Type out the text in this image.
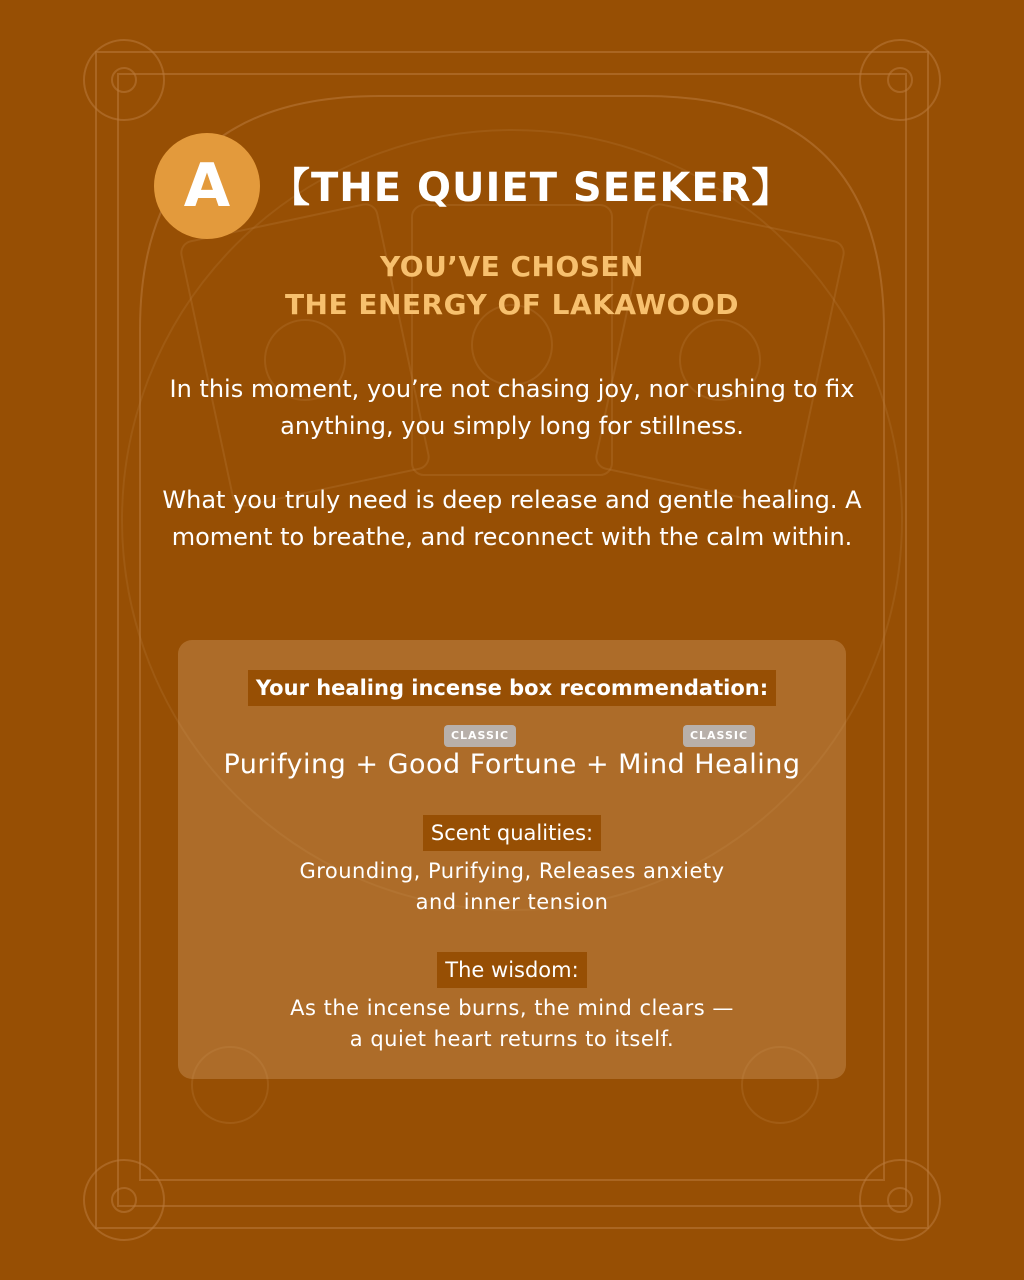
A 【THE QUIET SEEKER】
YOU’VE CHOSEN
THE ENERGY OF LAKAWOOD
In this moment, you’re not chasing joy, nor rushing to fix anything, you simply long for stillness.
What you truly need is deep release and gentle healing. A moment to breathe, and reconnect with the calm within.
Your healing incense box recommendation:
CLASSIC	CLASSIC
Purifying + Good Fortune + Mind Healing
Scent qualities:
Grounding, Purifying, Releases anxiety
and inner tension
The wisdom:
As the incense burns, the mind clears —
a quiet heart returns to itself.
